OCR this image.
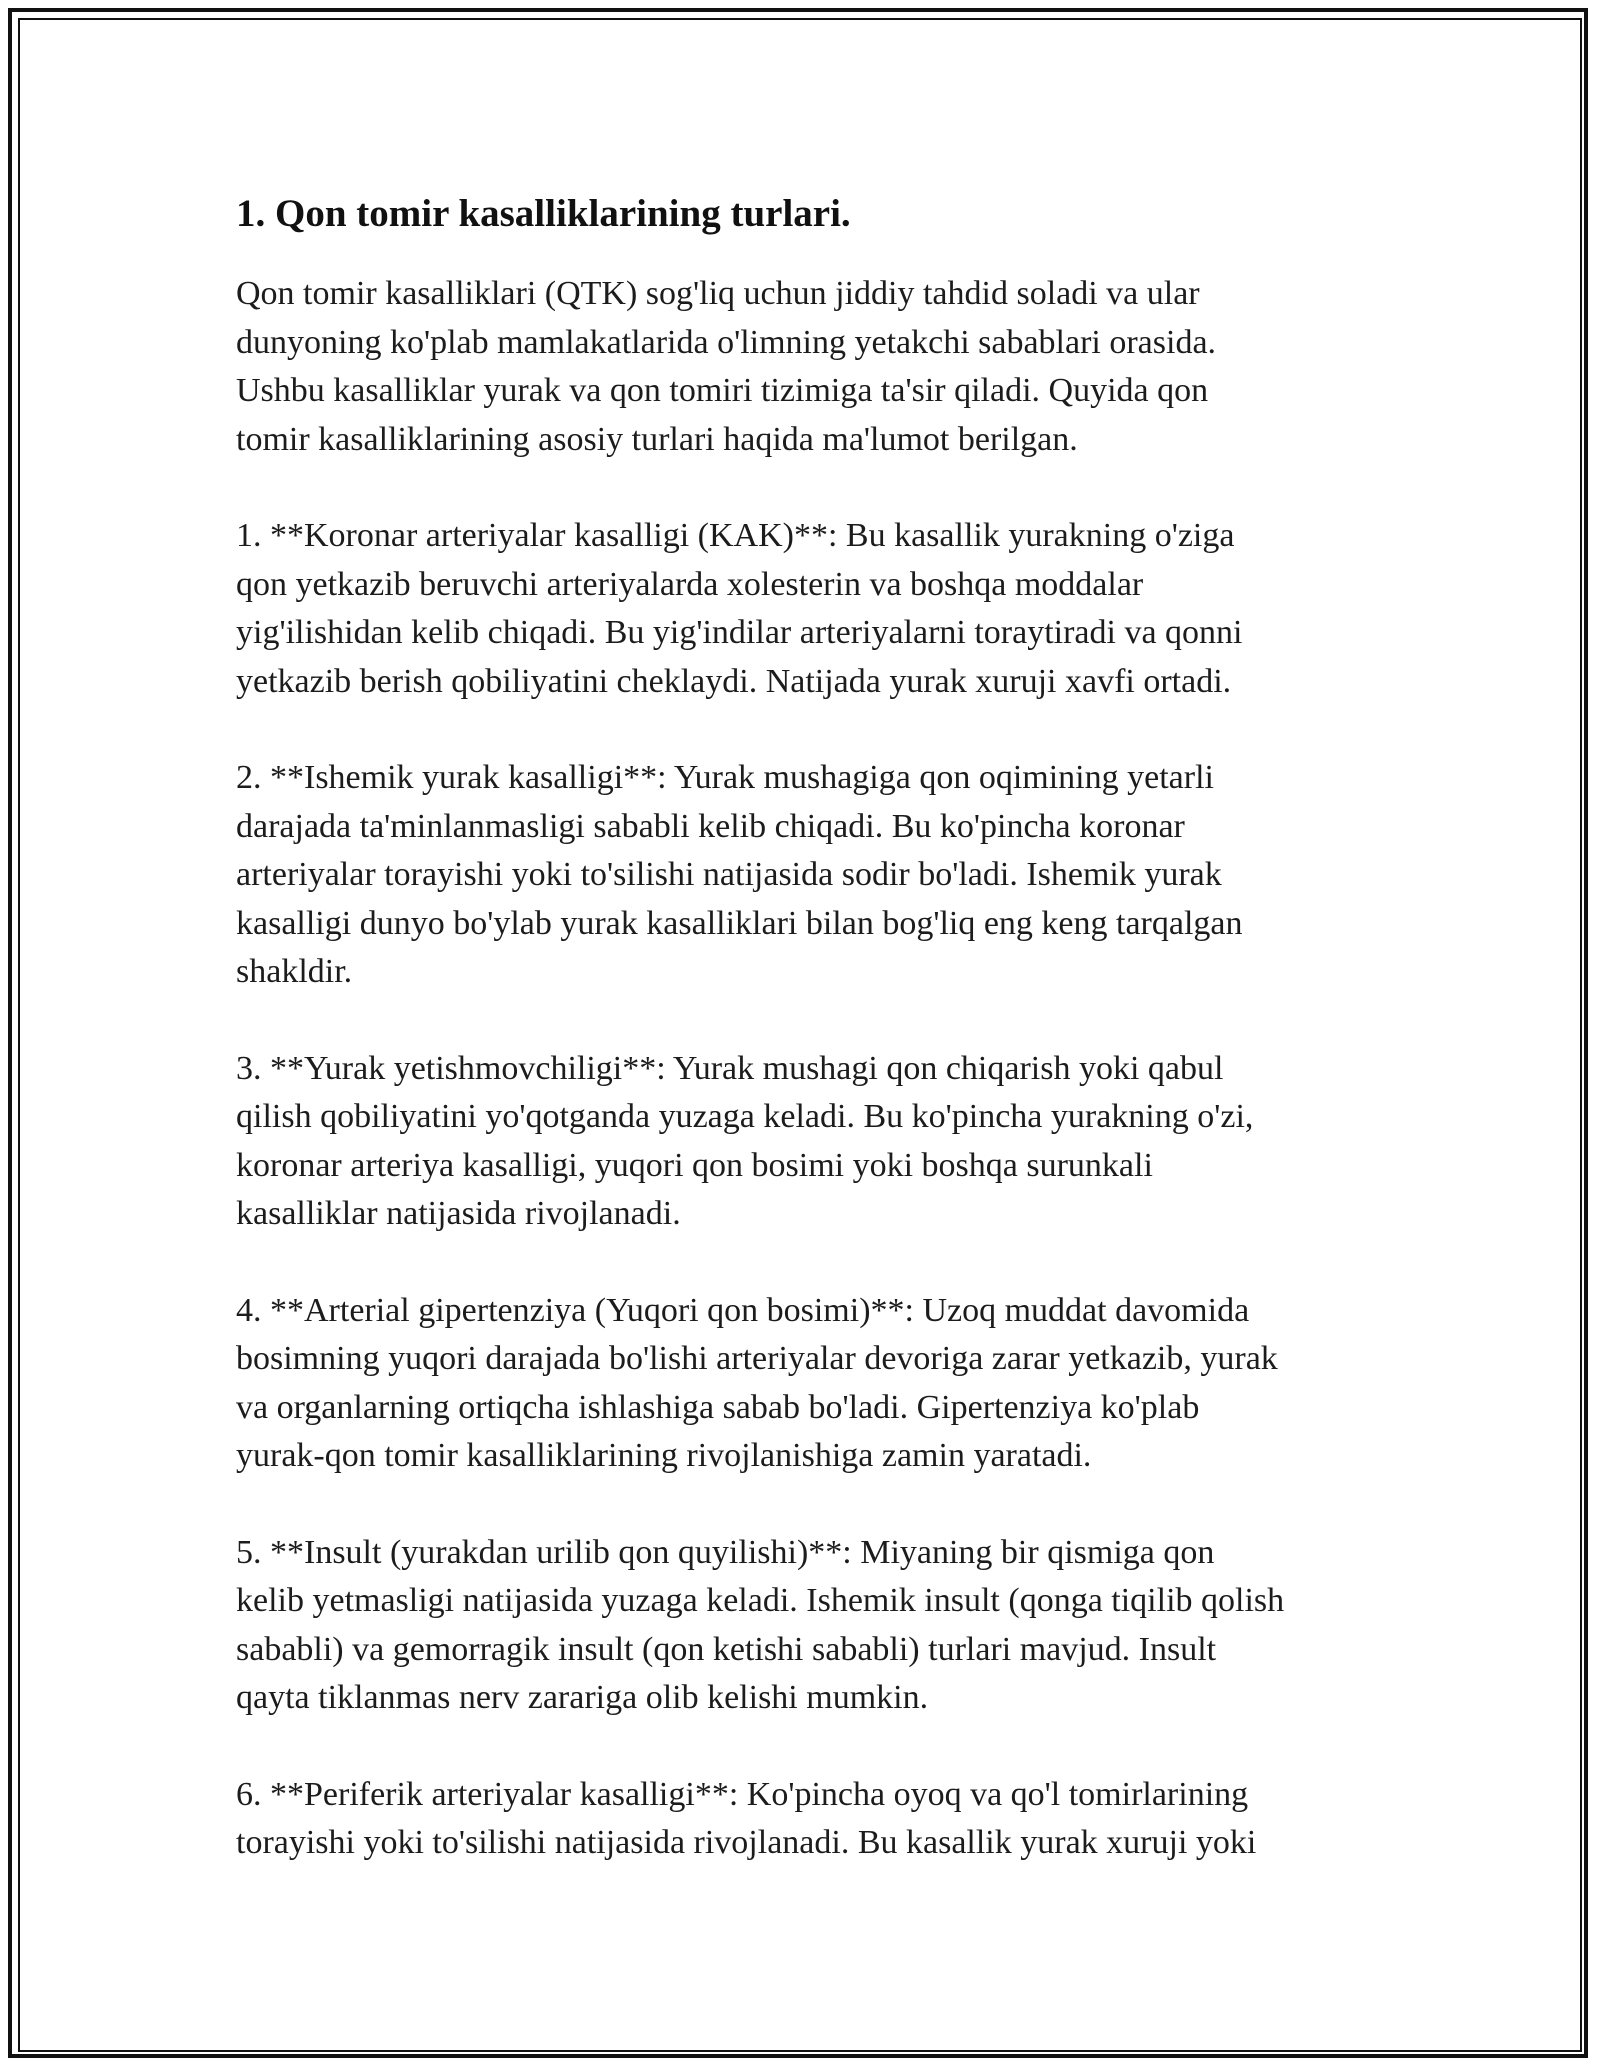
1. Qon tomir kasalliklarining turlari.

Qon tomir kasalliklari (QTK) sog'liq uchun jiddiy tahdid soladi va ular
dunyoning ko'plab mamlakatlarida o'limning yetakchi sabablari orasida.
Ushbu kasalliklar yurak va qon tomiri tizimiga ta'sir qiladi. Quyida qon
tomir kasalliklarining asosiy turlari haqida ma'lumot berilgan.

1. **Koronar arteriyalar kasalligi (KAK)**: Bu kasallik yurakning o'ziga
qon yetkazib beruvchi arteriyalarda xolesterin va boshqa moddalar
yig'ilishidan kelib chiqadi. Bu yig'indilar arteriyalarni toraytiradi va qonni
yetkazib berish qobiliyatini cheklaydi. Natijada yurak xuruji xavfi ortadi.

2. **Ishemik yurak kasalligi**: Yurak mushagiga qon oqimining yetarli
darajada ta'minlanmasligi sababli kelib chiqadi. Bu ko'pincha koronar
arteriyalar torayishi yoki to'silishi natijasida sodir bo'ladi. Ishemik yurak
kasalligi dunyo bo'ylab yurak kasalliklari bilan bog'liq eng keng tarqalgan
shakldir.

3. **Yurak yetishmovchiligi**: Yurak mushagi qon chiqarish yoki qabul
qilish qobiliyatini yo'qotganda yuzaga keladi. Bu ko'pincha yurakning o'zi,
koronar arteriya kasalligi, yuqori qon bosimi yoki boshqa surunkali
kasalliklar natijasida rivojlanadi.

4. **Arterial gipertenziya (Yuqori qon bosimi)**: Uzoq muddat davomida
bosimning yuqori darajada bo'lishi arteriyalar devoriga zarar yetkazib, yurak
va organlarning ortiqcha ishlashiga sabab bo'ladi. Gipertenziya ko'plab
yurak-qon tomir kasalliklarining rivojlanishiga zamin yaratadi.

5. **Insult (yurakdan urilib qon quyilishi)**: Miyaning bir qismiga qon
kelib yetmasligi natijasida yuzaga keladi. Ishemik insult (qonga tiqilib qolish
sababli) va gemorragik insult (qon ketishi sababli) turlari mavjud. Insult
qayta tiklanmas nerv zarariga olib kelishi mumkin.

6. **Periferik arteriyalar kasalligi**: Ko'pincha oyoq va qo'l tomirlarining
torayishi yoki to'silishi natijasida rivojlanadi. Bu kasallik yurak xuruji yoki
